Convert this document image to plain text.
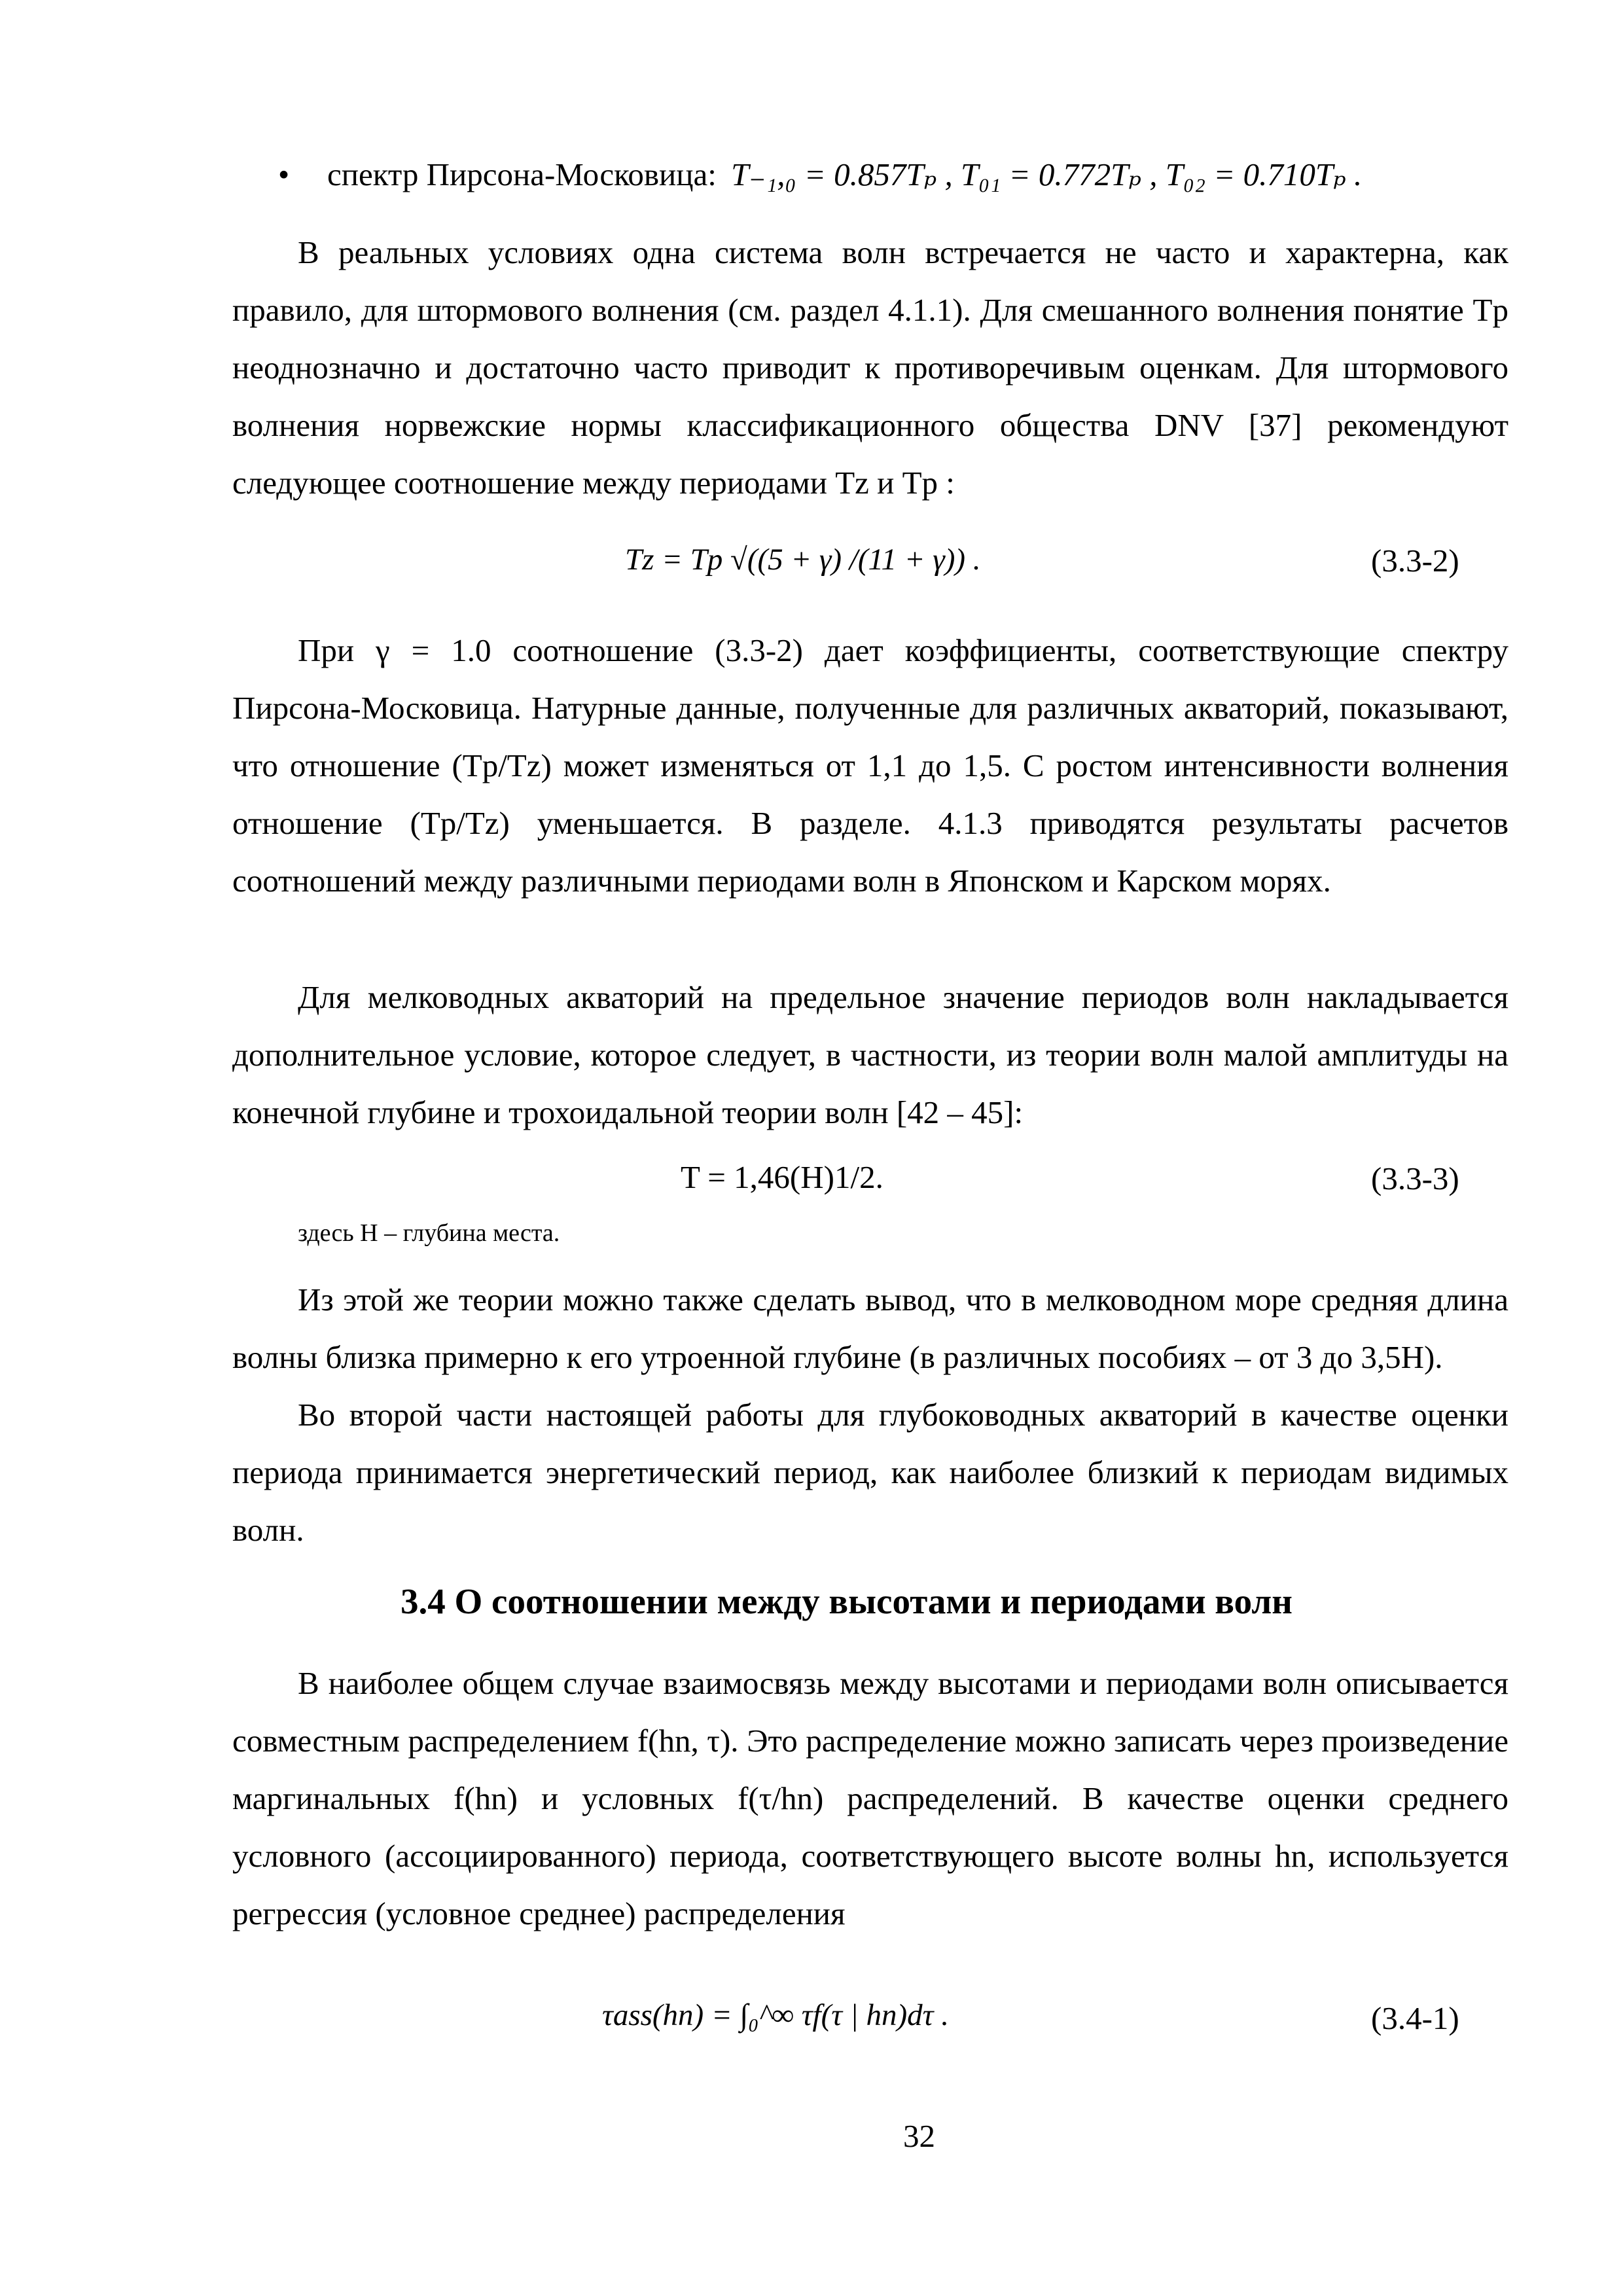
• спектр Пирсона-Московица: T₋₁,₀ = 0.857Tₚ , T₀₁ = 0.772Tₚ , T₀₂ = 0.710Tₚ .

В реальных условиях одна система волн встречается не часто и характерна, как правило, для штормового волнения (см. раздел 4.1.1). Для смешанного волнения понятие Tp неоднозначно и достаточно часто приводит к противоречивым оценкам. Для штормового волнения норвежские нормы классификационного общества DNV [37] рекомендуют следующее соотношение между периодами Tz и Tp :

Tz = Tp √((5 + γ) /(11 + γ)) .	(3.3-2)

При γ = 1.0 соотношение (3.3-2) дает коэффициенты, соответствующие спектру Пирсона-Московица. Натурные данные, полученные для различных акваторий, показывают, что отношение (Tp/Tz) может изменяться от 1,1 до 1,5. С ростом интенсивности волнения отношение (Tp/Tz) уменьшается. В разделе. 4.1.3 приводятся результаты расчетов соотношений между различными периодами волн в Японском и Карском морях.

Для мелководных акваторий на предельное значение периодов волн накладывается дополнительное условие, которое следует, в частности, из теории волн малой амплитуды на конечной глубине и трохоидальной теории волн [42 – 45]:

T = 1,46(H)1/2.	(3.3-3)
здесь H – глубина места.

Из этой же теории можно также сделать вывод, что в мелководном море средняя длина волны близка примерно к его утроенной глубине (в различных пособиях – от 3 до 3,5H).

Во второй части настоящей работы для глубоководных акваторий в качестве оценки периода принимается энергетический период, как наиболее близкий к периодам видимых волн.

3.4 О соотношении между высотами и периодами волн

В наиболее общем случае взаимосвязь между высотами и периодами волн описывается совместным распределением f(hn, τ). Это распределение можно записать через произведение маргинальных f(hn) и условных f(τ/hn) распределений. В качестве оценки среднего условного (ассоциированного) периода, соответствующего высоте волны hn, используется регрессия (условное среднее) распределения

τass(hn) = ∫₀^∞ τf(τ | hn)dτ .	(3.4-1)
32
